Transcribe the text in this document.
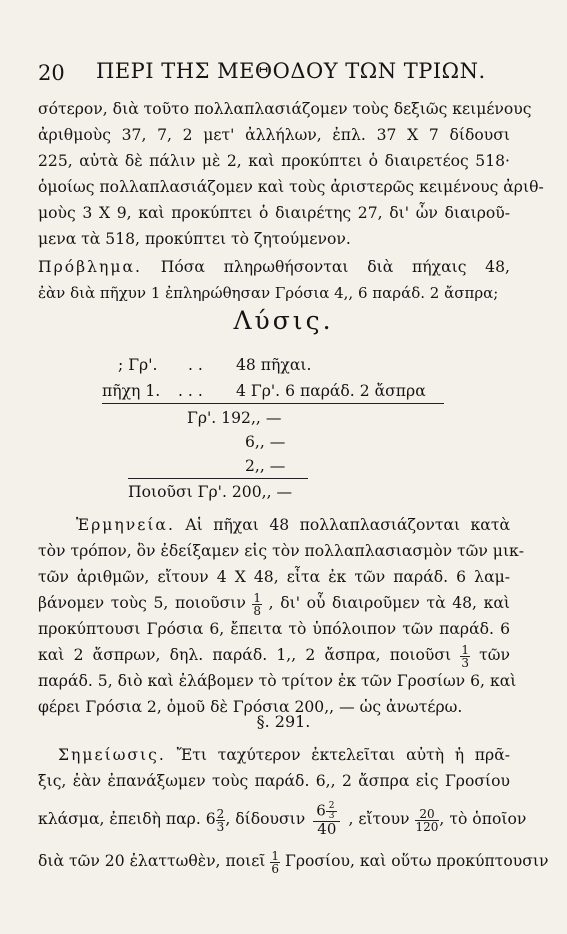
20 ΠΕΡΙ ΤΗΣ ΜΕΘΟΔΟΥ ΤΩΝ ΤΡΙΩΝ.
σότερον, διὰ τοῦτο πολλαπλασιάζομεν τοὺς δεξιῶς κειμένους
ἀριθμοὺς 37, 7, 2 μετ' ἀλλήλων, ἐπλ. 37 X 7 δίδουσι
225, αὐτὰ δὲ πάλιν μὲ 2, καὶ προκύπτει ὁ διαιρετέος 518·
ὁμοίως πολλαπλασιάζομεν καὶ τοὺς ἀριστερῶς κειμένους ἀριθ-
μοὺς 3 X 9, καὶ προκύπτει ὁ διαιρέτης 27, δι' ὧν διαιροῦ-
μενα τὰ 518, προκύπτει τὸ ζητούμενον.
Πρόβλημα. Πόσα πληρωθήσονται διὰ πήχαις 48,
ἐὰν διὰ πῆχυν 1 ἐπληρώθησαν Γρόσια 4,, 6 παράδ. 2 ἄσπρα;
Λύσις.
; Γρ'. . . 48 πῆχαι.
πῆχη 1. . . . 4 Γρ'. 6 παράδ. 2 ἄσπρα
Γρ'. 192,, —
6,, —
2,, —
Ποιοῦσι Γρ'. 200,, —
Ἑρμηνεία. Αἱ πῆχαι 48 πολλαπλασιάζονται κατὰ
τὸν τρόπον, ὃν ἐδείξαμεν εἰς τὸν πολλαπλασιασμὸν τῶν μικ-
τῶν ἀριθμῶν, εἴτουν 4 X 48, εἶτα ἐκ τῶν παράδ. 6 λαμ-
βάνομεν τοὺς 5, ποιοῦσιν $\frac{1}{8}$ , δι' οὗ διαιροῦμεν τὰ 48, καὶ
προκύπτουσι Γρόσια 6, ἔπειτα τὸ ὑπόλοιπον τῶν παράδ. 6
καὶ 2 ἄσπρων, δηλ. παράδ. 1,, 2 ἄσπρα, ποιοῦσι $\frac{1}{3}$ τῶν
παράδ. 5, διὸ καὶ ἐλάβομεν τὸ τρίτον ἐκ τῶν Γροσίων 6, καὶ
φέρει Γρόσια 2, ὁμοῦ δὲ Γρόσια 200,, — ὡς ἀνωτέρω.
§. 291.
Σημείωσις. Ἔτι ταχύτερον ἐκτελεῖται αὐτὴ ἡ πρᾶ-
ξις, ἐὰν ἐπανάξωμεν τοὺς παράδ. 6,, 2 ἄσπρα εἰς Γροσίου
κλάσμα, ἐπειδὴ παρ. $6 \frac{2}{3}$ , δίδουσιν $\frac{6 \frac{2}{3}}{40}$ , εἴτουν $\frac{20}{120}$ , τὸ ὁποῖον
διὰ τῶν 20 ἐλαττωθὲν, ποιεῖ $\frac{1}{6} \Gamma\rho o\sigma ίo\upsilon$, καὶ οὕτω προκύπτουσιν
